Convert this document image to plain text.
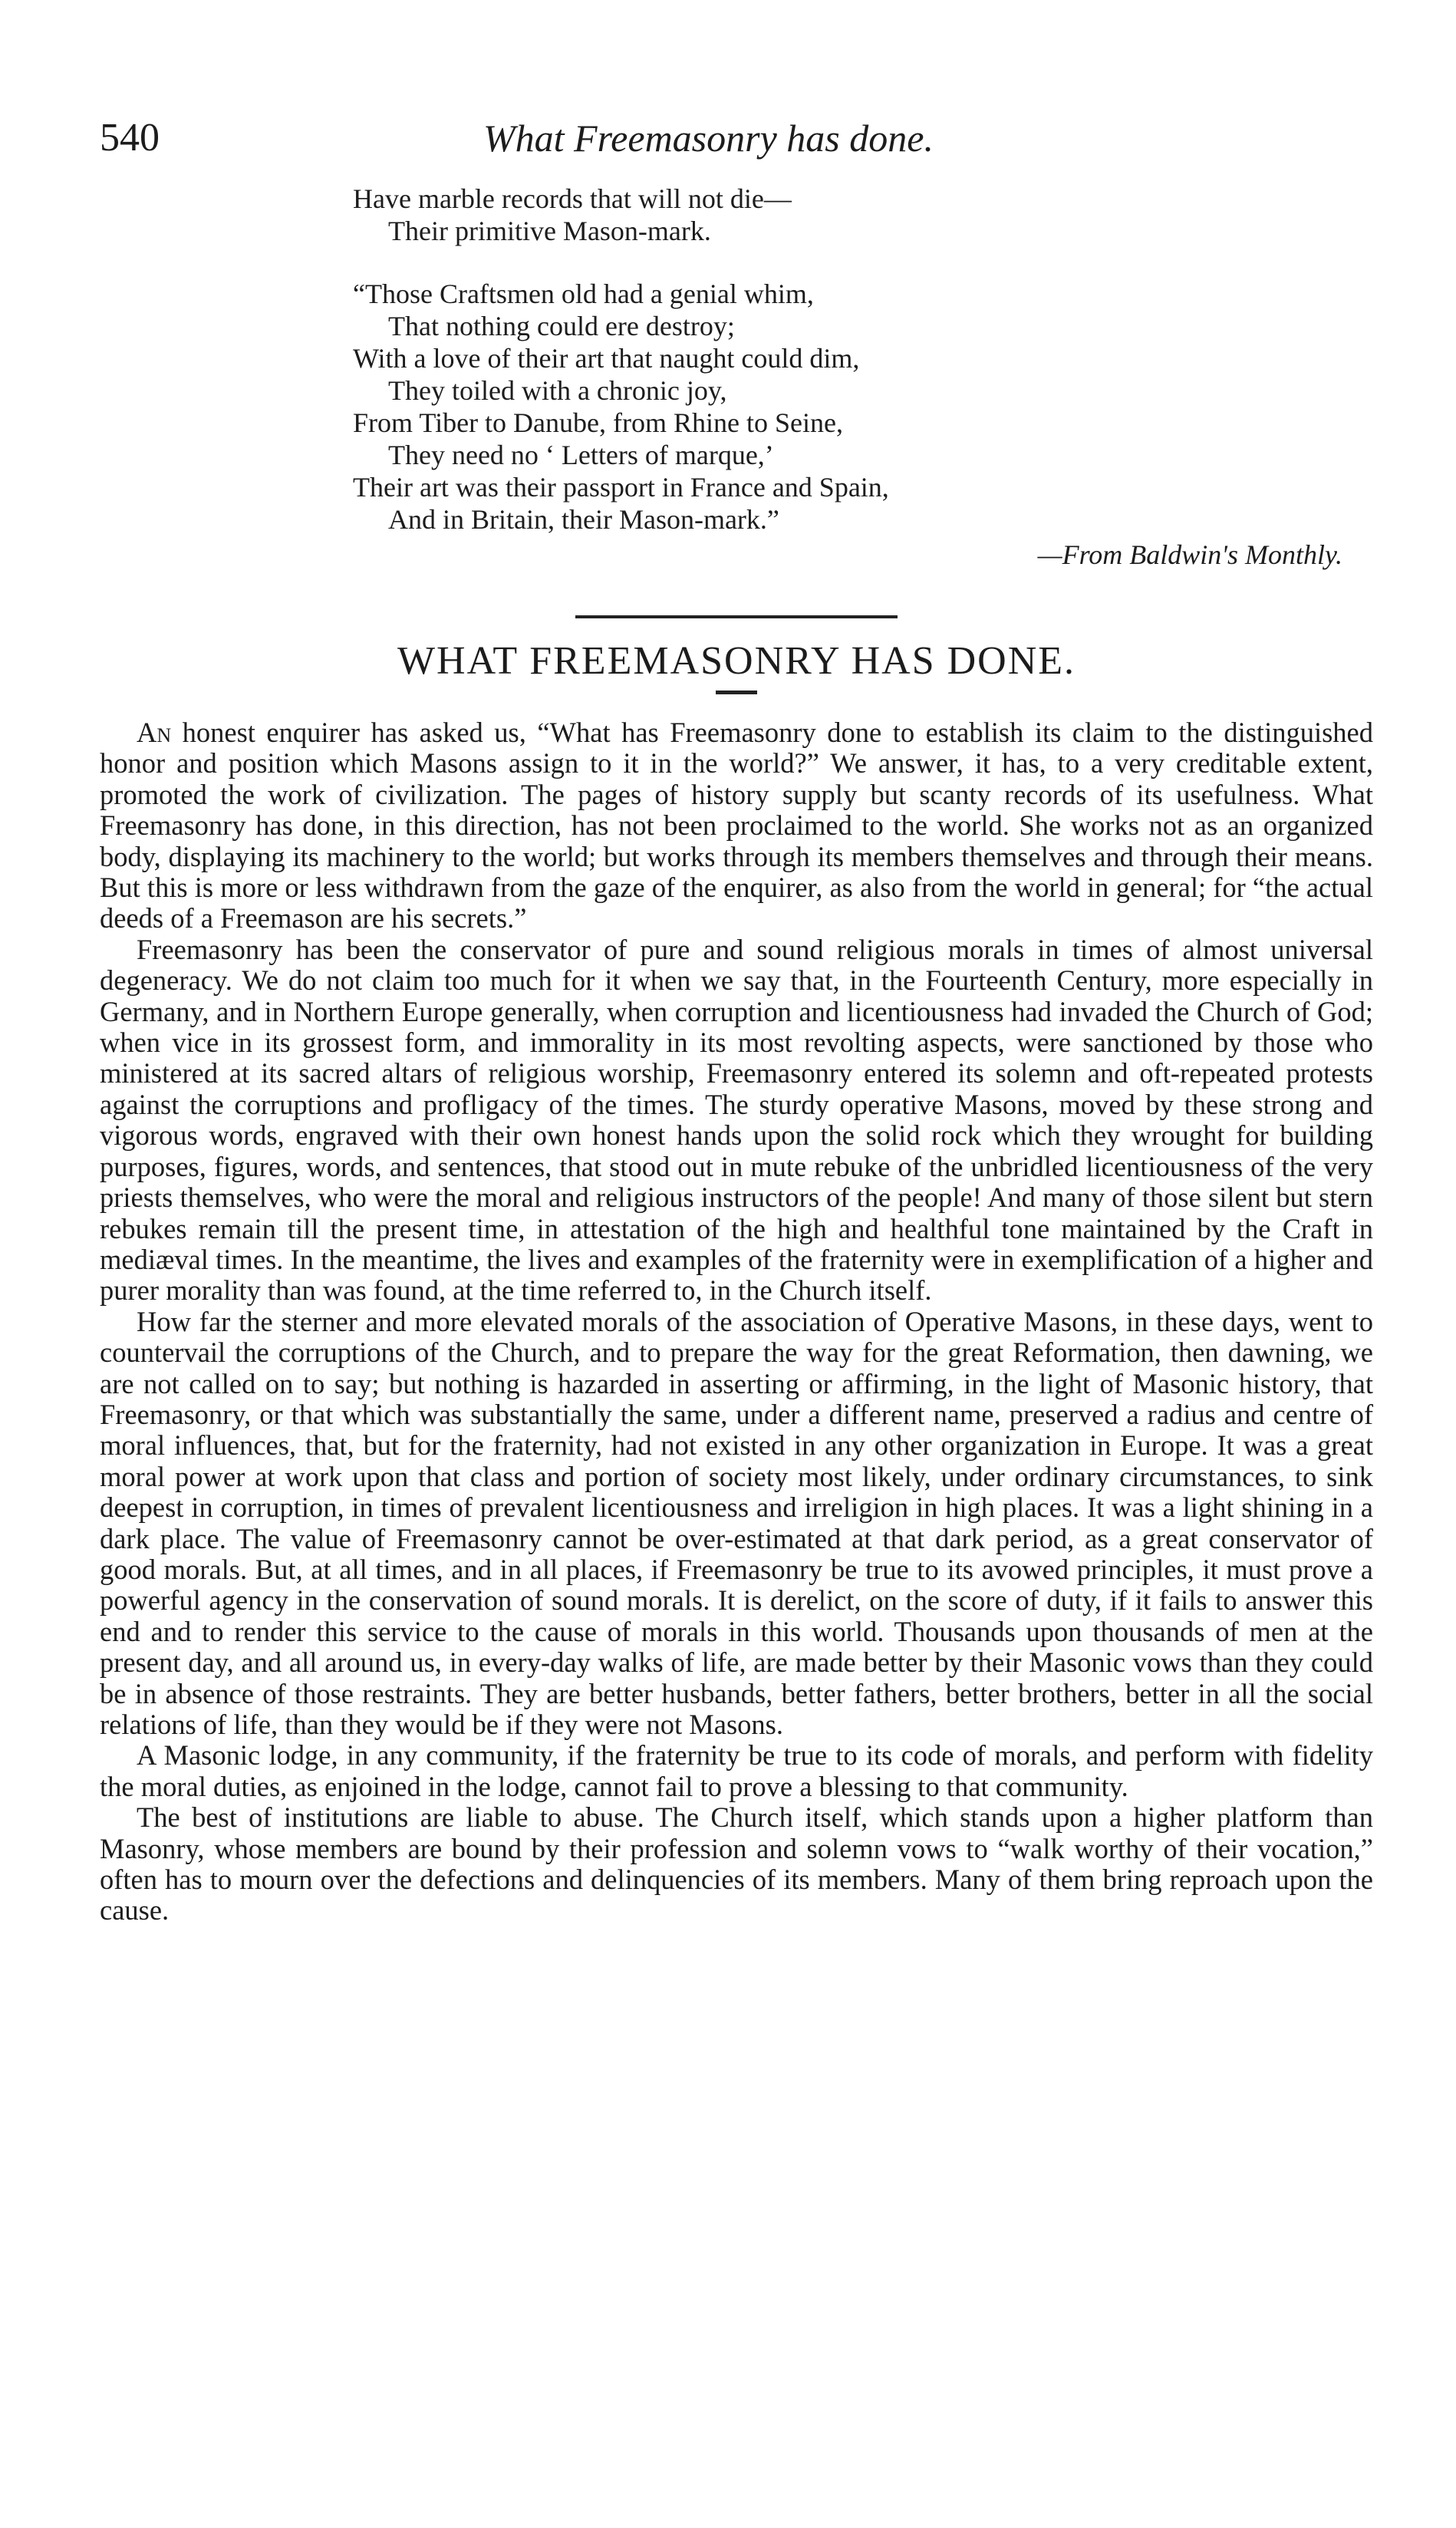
540	What Freemasonry has done.
Have marble records that will not die—
Their primitive Mason-mark.
“Those Craftsmen old had a genial whim,
That nothing could ere destroy;
With a love of their art that naught could dim,
They toiled with a chronic joy,
From Tiber to Danube, from Rhine to Seine,
They need no ‘ Letters of marque,’
Their art was their passport in France and Spain,
And in Britain, their Mason-mark.”
—From Baldwin's Monthly.
WHAT FREEMASONRY HAS DONE.

An honest enquirer has asked us, “What has Freemasonry done to establish its claim to the distinguished honor and position which Masons assign to it in the world?” We answer, it has, to a very creditable extent, promoted the work of civilization. The pages of history supply but scanty records of its usefulness. What Freemasonry has done, in this direction, has not been proclaimed to the world. She works not as an organized body, displaying its machinery to the world; but works through its members themselves and through their means. But this is more or less withdrawn from the gaze of the enquirer, as also from the world in general; for “the actual deeds of a Freemason are his secrets.”

Freemasonry has been the conservator of pure and sound religious morals in times of almost universal degeneracy. We do not claim too much for it when we say that, in the Fourteenth Century, more especially in Germany, and in Northern Europe generally, when corruption and licentiousness had invaded the Church of God; when vice in its grossest form, and immorality in its most revolting aspects, were sanctioned by those who ministered at its sacred altars of religious worship, Freemasonry entered its solemn and oft-repeated protests against the corruptions and profligacy of the times. The sturdy operative Masons, moved by these strong and vigorous words, engraved with their own honest hands upon the solid rock which they wrought for building purposes, figures, words, and sentences, that stood out in mute rebuke of the unbridled licentiousness of the very priests themselves, who were the moral and religious instructors of the people! And many of those silent but stern rebukes remain till the present time, in attestation of the high and healthful tone maintained by the Craft in mediæval times. In the meantime, the lives and examples of the fraternity were in exemplification of a higher and purer morality than was found, at the time referred to, in the Church itself.

How far the sterner and more elevated morals of the association of Operative Masons, in these days, went to countervail the corruptions of the Church, and to prepare the way for the great Reformation, then dawning, we are not called on to say; but nothing is hazarded in asserting or affirming, in the light of Masonic history, that Freemasonry, or that which was substantially the same, under a different name, preserved a radius and centre of moral influences, that, but for the fraternity, had not existed in any other organization in Europe. It was a great moral power at work upon that class and portion of society most likely, under ordinary circumstances, to sink deepest in corruption, in times of prevalent licentiousness and irreligion in high places. It was a light shining in a dark place. The value of Freemasonry cannot be over-estimated at that dark period, as a great conservator of good morals. But, at all times, and in all places, if Freemasonry be true to its avowed principles, it must prove a powerful agency in the conservation of sound morals. It is derelict, on the score of duty, if it fails to answer this end and to render this service to the cause of morals in this world. Thousands upon thousands of men at the present day, and all around us, in every-day walks of life, are made better by their Masonic vows than they could be in absence of those restraints. They are better husbands, better fathers, better brothers, better in all the social relations of life, than they would be if they were not Masons.

A Masonic lodge, in any community, if the fraternity be true to its code of morals, and perform with fidelity the moral duties, as enjoined in the lodge, cannot fail to prove a blessing to that community.

The best of institutions are liable to abuse. The Church itself, which stands upon a higher platform than Masonry, whose members are bound by their profession and solemn vows to “walk worthy of their vocation,” often has to mourn over the defections and delinquencies of its members. Many of them bring reproach upon the cause.
